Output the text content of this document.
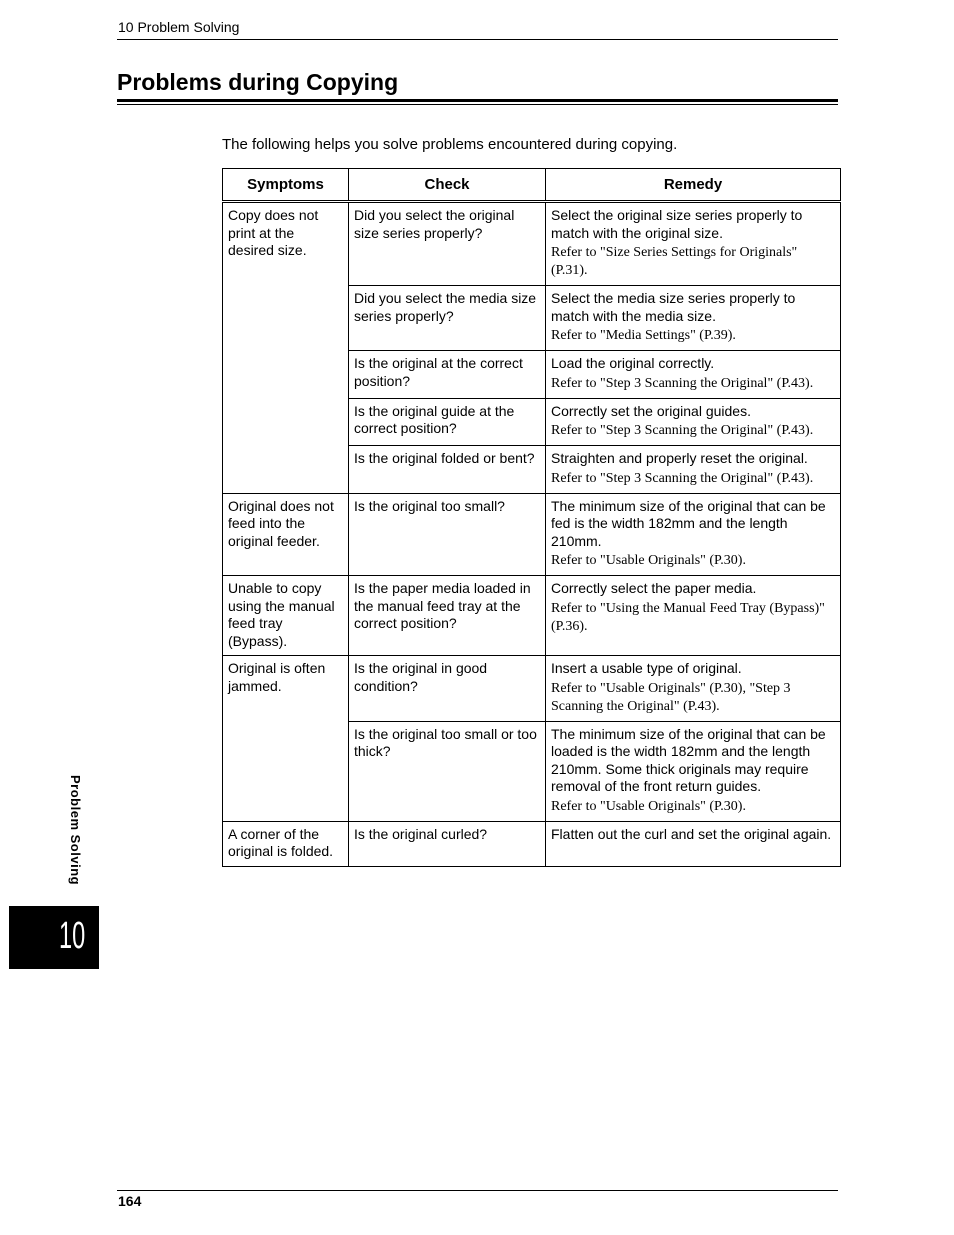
10 Problem Solving
Problems during Copying

The following helps you solve problems encountered during copying.

Symptoms	Check	Remedy
Copy does not print at the desired size.	Did you select the original size series properly?	Select the original size series properly to match with the original size.
Refer to "Size Series Settings for Originals" (P.31).

	Did you select the media size series properly?	Select the media size series properly to match with the media size.
Refer to "Media Settings" (P.39).

	Is the original at the correct position?	Load the original correctly.
Refer to "Step 3 Scanning the Original" (P.43).

	Is the original guide at the correct position?	Correctly set the original guides.
Refer to "Step 3 Scanning the Original" (P.43).

	Is the original folded or bent?	Straighten and properly reset the original.
Refer to "Step 3 Scanning the Original" (P.43).

Original does not feed into the original feeder.	Is the original too small?	The minimum size of the original that can be fed is the width 182mm and the length 210mm.
Refer to "Usable Originals" (P.30).

Unable to copy using the manual feed tray (Bypass).	Is the paper media loaded in the manual feed tray at the correct position?	Correctly select the paper media.
Refer to "Using the Manual Feed Tray (Bypass)" (P.36).

Original is often jammed.	Is the original in good condition?	Insert a usable type of original.
Refer to "Usable Originals" (P.30), "Step 3 Scanning the Original" (P.43).

	Is the original too small or too thick?	The minimum size of the original that can be loaded is the width 182mm and the length 210mm. Some thick originals may require removal of the front return guides.
Refer to "Usable Originals" (P.30).

A corner of the original is folded.	Is the original curled?	Flatten out the curl and set the original again.
Problem Solving
10
164
